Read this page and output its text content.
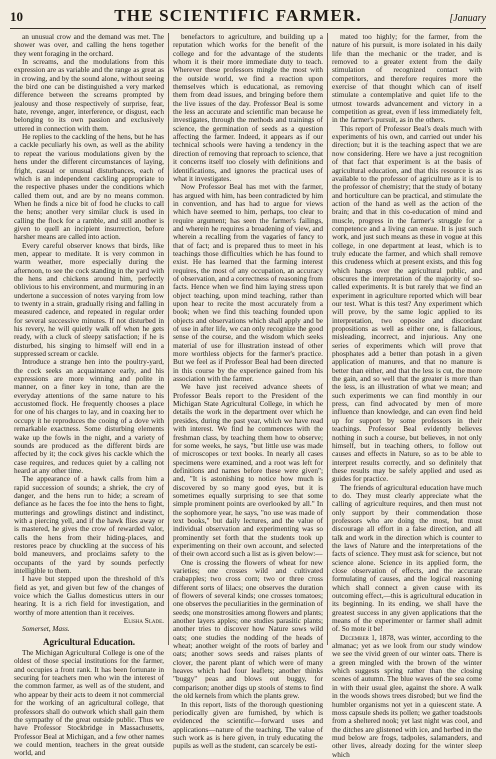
10	THE SCIENTIFIC FARMER.	[January

an unusual crow and the demand was met. The shower was over, and calling the hens together they went foraging in the orchard.

In screams, and the modulations from this expression are as variable and the range as great as in crowing, and by the sound alone, without seeing the bird one can be distinguished a very marked difference between the screams prompted by jealousy and those respectively of surprise, fear, hate, revenge, anger, interference, or disgust, each belonging to its own passion and exclusively uttered in connection with them.

He replies to the cackling of the hens, but he has a cackle peculiarly his own, as well as the ability to repeat the various modulations given by the hens under the different circumstances of laying, fright, casual or unusual disturbances, each of which is an independent cackling appropriate to the respective phases under the conditions which called them out, and are by no means common. When he finds a nice bit of food he clucks to call the hens; another very similar cluck is used in calling the flock for a ramble, and still another is given to quell an incipient insurrection, before harsher means are called into action.

Every careful observer knows that birds, like men, appear to meditate. It is very common in warm weather, more especially during the afternoon, to see the cock standing in the yard with the hens and chickens around him, perfectly oblivious to his environment, and murmuring in an undertone a succession of notes varying from low to twenty in a strain, gradually rising and falling in measured cadence, and repeated in regular order for several successive minutes. If not disturbed in his revery, he will quietly walk off when he gets ready, with a cluck of sleepy satisfaction; if he is disturbed, his singing to himself will end in a suppressed scream or cackle.

Introduce a strange hen into the poultry-yard, the cock seeks an acquaintance early, and his expressions are more winning and polite in manner, on a finer key in tone, than are the everyday attentions of the same nature to his accustomed flock. He frequently chooses a place for one of his charges to lay, and in coaxing her to occupy it he reproduces the cooing of a dove with remarkable exactness. Some disturbing elements wake up the fowls in the night, and a variety of sounds are produced as the different birds are affected by it; the cock gives his cackle which the case requires, and reduces quiet by a calling not heard at any other time.

The appearance of a hawk calls from him a rapid succession of sounds; a shriek, the cry of danger, and the hens run to hide; a scream of defiance as he faces the foe into the hens to fight, mutterings and growlings distinct and indistinct, with a piercing yell, and if the hawk flies away or is mastered, he gives the crow of rewarded valor, calls the hens from their hiding-places, and restores peace by chuckling at the success of his bold maneuvers, and proclaims safety to the occupants of the yard by sounds perfectly intelligible to them.

I have but stepped upon the threshold of th's field as yet, and given but few of the changes of voice which the Gallus domesticus utters in our hearing. It is a rich field for investigation, and worthy of more attention than it receives.

Elisha Slade.

Somerset, Mass.

Agricultural Education.

The Michigan Agricultural College is one of the oldest of those special institutions for the farmer, and occupies a front rank. It has been fortunate in securing for teachers men who win the interest of the common farmer, as well as of the student, and who appear by their acts to deem it not commercial for the working of an agricultural college, that professors shall do outwork which shall gain them the sympathy of the great outside public. Thus we have Professor Stockbridge in Massachusetts, Professor Beal at Michigan, and a few other names we could mention, teachers in the great outside world, and

benefactors to agriculture, and building up a reputation which works for the benefit of the college and for the advantage of the students whom it is their more immediate duty to teach. Wherever these professors mingle the most with the outside world, we find a reaction upon themselves which is educational, as removing them from dead issues, and bringing before them the live issues of the day. Professor Beal is some the less an accurate and scientific man because he investigates, through the methods and trainings of science, the germination of seeds as a question affecting the farmer. Indeed, it appears as if our technical schools were having a tendency in the direction of removing that reproach to science, that it concerns itself too closely with definitions and identifications, and ignores the practical uses of what it investigates.

Now Professor Beal has met with the farmer, has argued with him, has been contradicted by him in convention, and has had to argue for views which have seemed to him, perhaps, too clear to require argument; has seen the farmer's failings, and wherein he requires a broadening of view, and wherein a recalling from the vagaries of fancy to that of fact; and is prepared thus to meet in his teachings those difficulties which he has found to exist. He has learned that the farming interest requires, the most of any occupation, an accuracy of observation, and a correctness of reasoning from facts. Hence when we find him laying stress upon object teaching, upon mind teaching, rather than upon hear to recite the most accurately from a book; when we find this teaching founded upon objects and observations which shall apply and be of use in after life, we can only recognize the good sense of the course, and the wisdom which seeks material of use for illustration instead of other more worthless objects for the farmer's practice. But we feel as if Professor Beal had been directed in this course by the experience gained from his association with the farmer.

We have just received advance sheets of Professor Beals report to the President of the Michigan State Agricultural College, in which he details the work in the department over which he presides, during the past year, which we have read with interest. We find he commences with the freshman class, by teaching them how to observe; for some weeks, he says, "but little use was made of microscopes or text books. In nearly all cases specimens were examined, and a root was left for definitions and names before these were given"; and, "It is astonishing to notice how much is discovered by so many good eyes, but it is sometimes equally surprising to see that some simple prominent points are overlooked by all." In the sophomore year, he says, "no use was made of text books," but daily lectures, and the value of individual observation and experimenting was so prominently set forth that the students took up experimenting on their own account, and selected of their own accord such a list as is given below:—

One is crossing the flowers of wheat for new varieties; one crosses wild and cultivated crabapples; two cross corn; two or three cross different sorts of lilacs; one observes the duration of flowers of several kinds; one crosses tomatoes; one observes the peculiarities in the germination of seeds; one monstrosities among flowers and plants; another layers apples; one studies parasitic plants; another tries to discover how Nature sows wild oats; one studies the nodding of the heads of wheat; another weight of the roots of barley and oats; another sows seeds and raises plants of clover, the parent plant of which were of many heaves which had four leaflets; another thinks "buggy" peas and blows out buggy, for comparison; another digs up stools of stems to find the old kernels from which the plants grew.

In this report, lists of the thorough questioning periodically given are furnished, by which is evidenced the scientific—forward uses and applications—nature of the teaching. The value of such work as is here given, in truly educating the pupils as well as the student, can scarcely be esti-

mated too highly; for the farmer, from the nature of his pursuit, is more isolated in his daily life than the mechanic or the trader, and is removed to a greater extent from the daily stimulation of recognized contact with competitors, and therefore requires more the exercise of that thought which can of itself stimulate a contemplative and quiet life to the utmost towards advancement and victory in a competition as great, even if less immediately felt, in the farmer's pursuit, as in the others.

This report of Professor Beal's deals much with experiments of his own, and carried out under his direction; but it is the teaching aspect that we are now considering. Here we have a just recognition of that fact that experiment is at the basis of agricultural education, and that this resource is as available to the professor of agriculture as it is to the professor of chemistry; that the study of botany and horticulture can be practical, and stimulate the action of the hand as well as the action of the brain; and that in this co-education of mind and muscle, progress in the farmer's struggle for a competence and a living can ensue. It is just such work, and just such means as these in vogue at this college, in one department at least, which is to truly educate the farmer, and which shall remove this crudeness which at present exists, and this fog which hangs over the agricultural public, and obscures the interpretation of the majority of so-called experiments. It is but rarely that we find an experiment in agriculture reported which will bear our test. What is this test? Any experiment which will prove, by the same logic applied to its interpretation, two opposite and discordant propositions as well as either one, is fallacious, misleading, incorrect, and injurious. Any one series of experiments which will prove that phosphates add a better than potash in a given application of manures, and that no manure is better than either, and that the less is cut, the more the gain, and so well that the greater is more than the less, is an illustration of what we mean; and such experiments we can find monthly in our press, can find advocated by men of more influence than knowledge, and can even find held up for support by some professors in their teachings. Professor Beal evidently believes nothing in such a course, but believes, in not only himself, but in teaching others, to follow out causes and effects in Nature, so as to be able to interpret results correctly, and so definitely that these results may be safely applied and used as guides for practice.

The friends of agricultural education have much to do. They must clearly appreciate what the calling of agriculture requires, and then must not only support by their commendation those professors who are doing the most, but must discourage all effort in a false direction, and all talk and work in the direction which is counter to the laws of Nature and the interpretations of the facts of science. They must ask for science, but not science alone. Science in its applied form, the close observation of effects, and the accurate formulating of causes, and the logical reasoning which shall connect a given cause with its outcoming effect,—this is agricultural education in its beginning. In its ending, we shall have the greatest success in any given applications that the means of the experimenter or farmer shall admit of. So mote it be!

December 1, 1878, was winter, according to the almanac; yet as we look from our study window we see the vivid green of our winter oats. There is a green mingled with the brown of the winter which suggests spring rather than the closing scenes of autumn. The blue waves of the sea come in with their usual glee, against the shore. A walk in the woods shows trees disrobed; but we find the humbler organisms not yet in a quiescent state. A moss capsule sheds its pollen; we gather toadstools from a sheltered nook; yet last night was cool, and the ditches are glistened with ice, and herbed in the mud below are frogs, tadpoles, salamanders, and other lives, already dozing for the winter sleep which
